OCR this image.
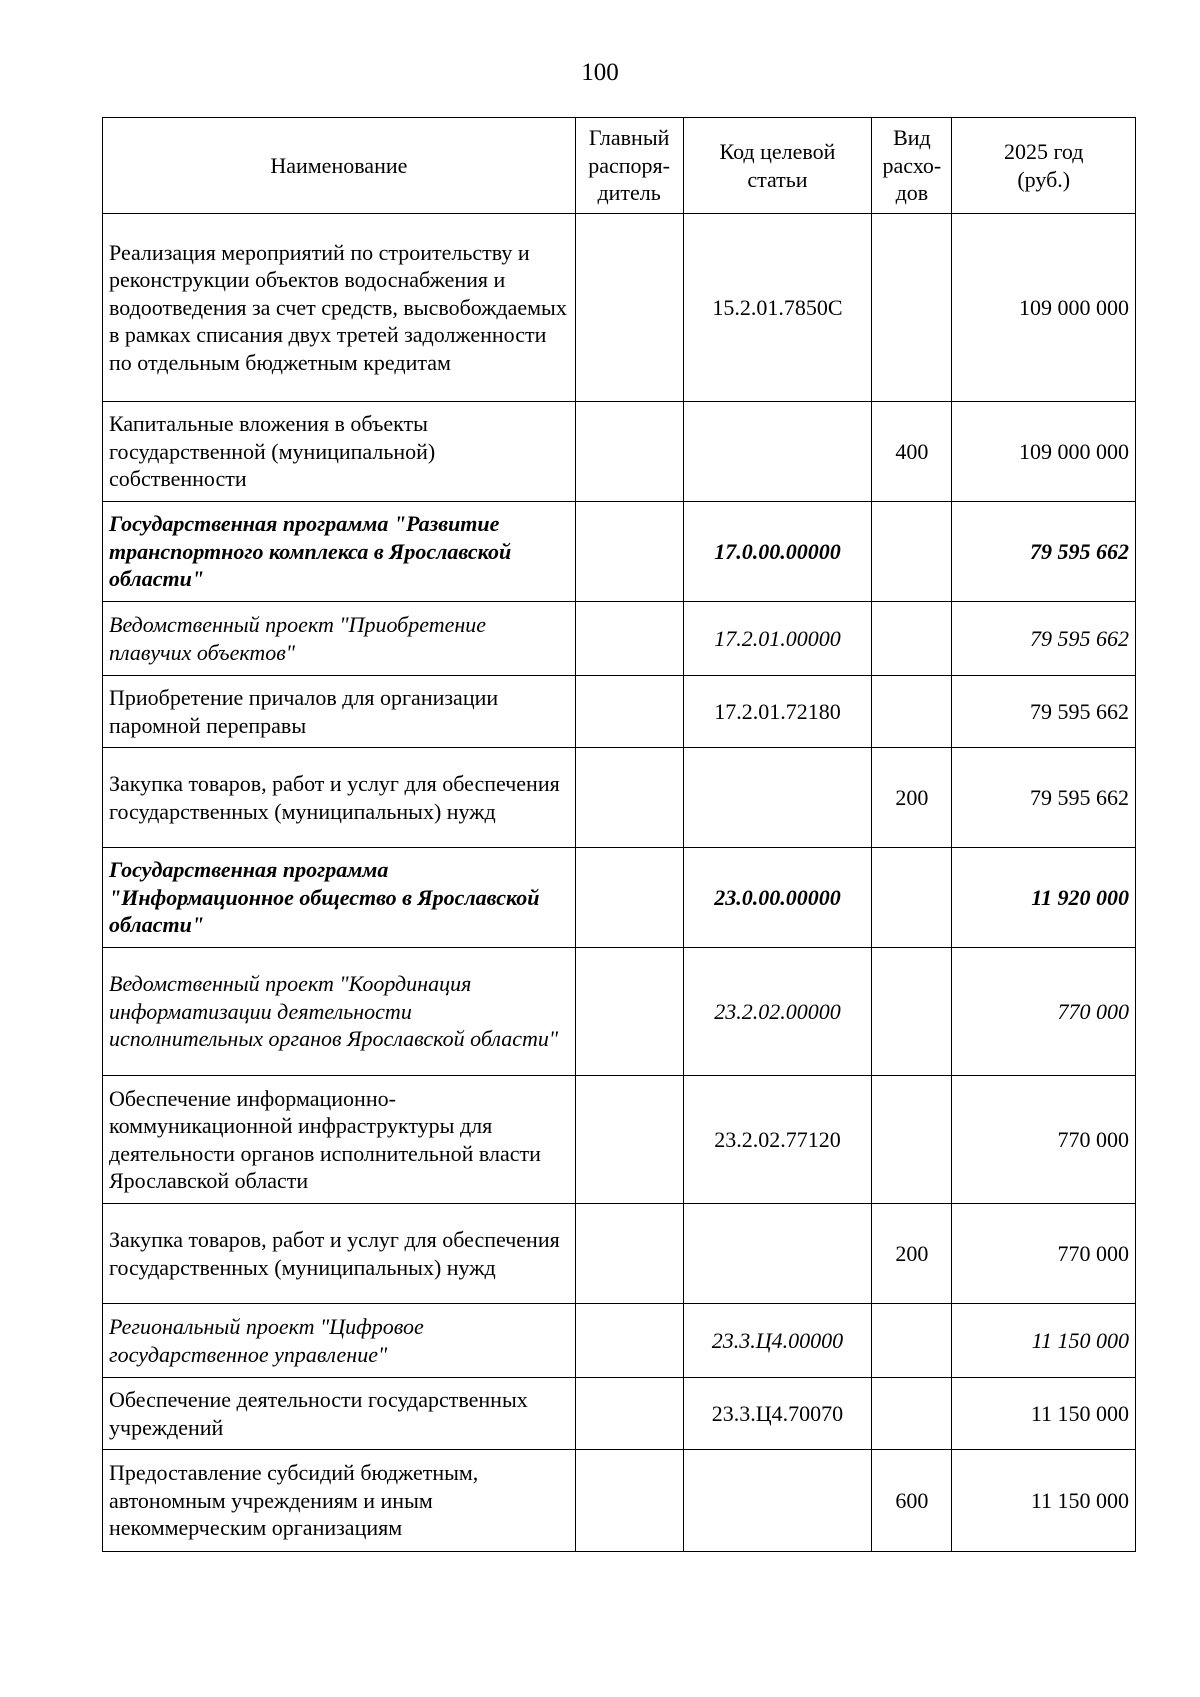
100
Наименование	Главный распоря-дитель	Код целевой статьи	Вид расхо-дов	2025 год (руб.)
Реализация мероприятий по строительству и реконструкции объектов водоснабжения и водоотведения за счет средств, высвобождаемых в рамках списания двух третей задолженности по отдельным бюджетным кредитам		15.2.01.7850С		109 000 000
Капитальные вложения в объекты государственной (муниципальной) собственности			400	109 000 000
Государственная программа "Развитие транспортного комплекса в Ярославской области"		17.0.00.00000		79 595 662
Ведомственный проект "Приобретение плавучих объектов"		17.2.01.00000		79 595 662
Приобретение причалов для организации паромной переправы		17.2.01.72180		79 595 662
Закупка товаров, работ и услуг для обеспечения государственных (муниципальных) нужд			200	79 595 662
Государственная программа "Информационное общество в Ярославской области"		23.0.00.00000		11 920 000
Ведомственный проект "Координация информатизации деятельности исполнительных органов Ярославской области"		23.2.02.00000		770 000
Обеспечение информационно-коммуникационной инфраструктуры для деятельности органов исполнительной власти Ярославской области		23.2.02.77120		770 000
Закупка товаров, работ и услуг для обеспечения государственных (муниципальных) нужд			200	770 000
Региональный проект "Цифровое государственное управление"		23.3.Ц4.00000		11 150 000
Обеспечение деятельности государственных учреждений		23.3.Ц4.70070		11 150 000
Предоставление субсидий бюджетным, автономным учреждениям и иным некоммерческим организациям			600	11 150 000
